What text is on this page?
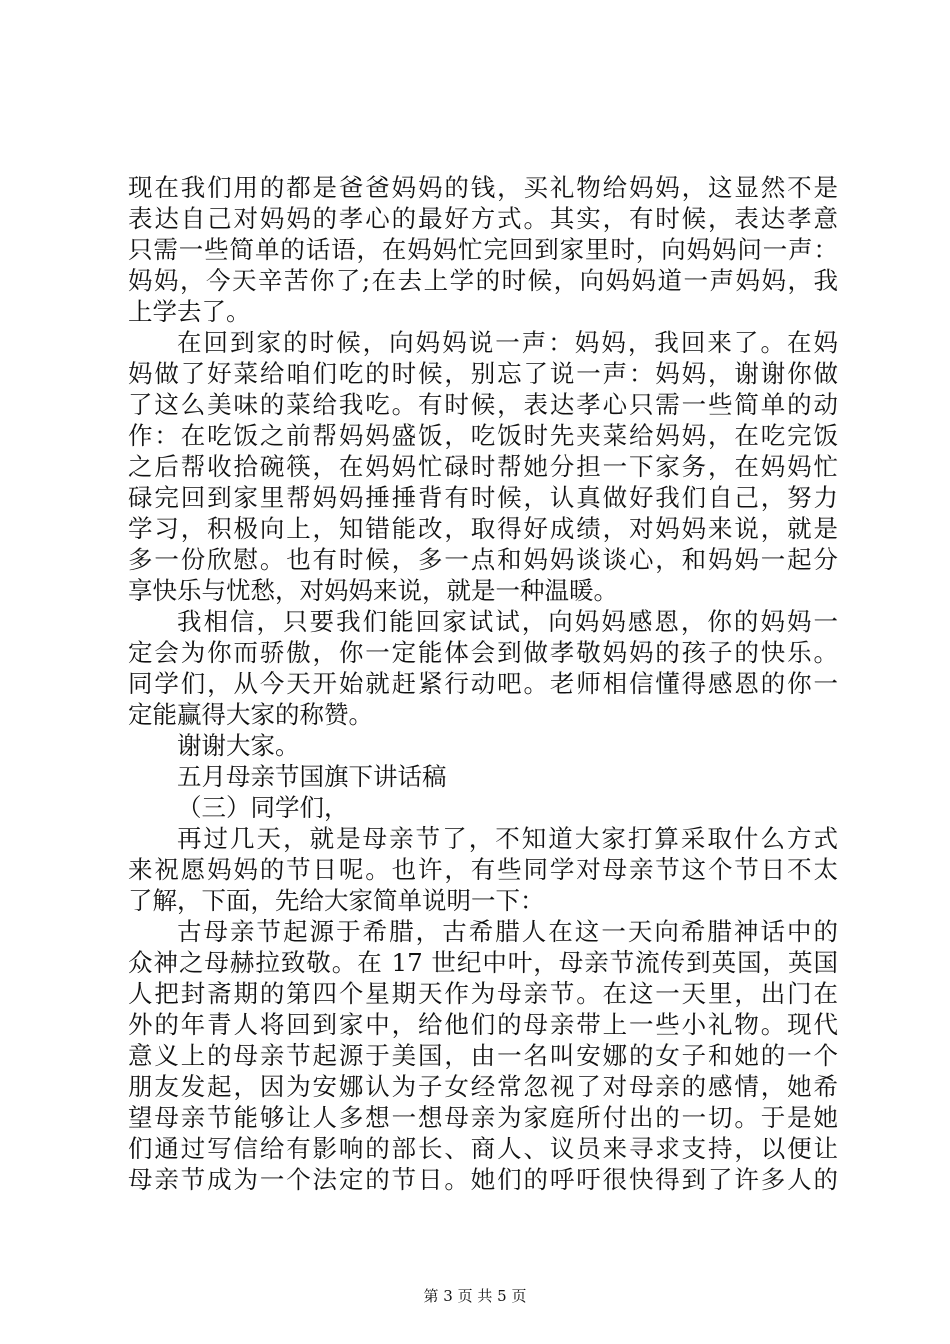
现在我们用的都是爸爸妈妈的钱，买礼物给妈妈，这显然不是
表达自己对妈妈的孝心的最好方式。其实，有时候，表达孝意
只需一些简单的话语，在妈妈忙完回到家里时，向妈妈问一声：
妈妈，今天辛苦你了;在去上学的时候，向妈妈道一声妈妈，我
上学去了。
在回到家的时候，向妈妈说一声：妈妈，我回来了。在妈
妈做了好菜给咱们吃的时候，别忘了说一声：妈妈，谢谢你做
了这么美味的菜给我吃。有时候，表达孝心只需一些简单的动
作：在吃饭之前帮妈妈盛饭，吃饭时先夹菜给妈妈，在吃完饭
之后帮收拾碗筷，在妈妈忙碌时帮她分担一下家务，在妈妈忙
碌完回到家里帮妈妈捶捶背有时候，认真做好我们自己，努力
学习，积极向上，知错能改，取得好成绩，对妈妈来说，就是
多一份欣慰。也有时候，多一点和妈妈谈谈心，和妈妈一起分
享快乐与忧愁，对妈妈来说，就是一种温暖。
我相信，只要我们能回家试试，向妈妈感恩，你的妈妈一
定会为你而骄傲，你一定能体会到做孝敬妈妈的孩子的快乐。
同学们，从今天开始就赶紧行动吧。老师相信懂得感恩的你一
定能赢得大家的称赞。
谢谢大家。
五月母亲节国旗下讲话稿
（三）同学们，
再过几天，就是母亲节了，不知道大家打算采取什么方式
来祝愿妈妈的节日呢。也许，有些同学对母亲节这个节日不太
了解，下面，先给大家简单说明一下：
古母亲节起源于希腊，古希腊人在这一天向希腊神话中的
众神之母赫拉致敬。在 17 世纪中叶，母亲节流传到英国，英国
人把封斋期的第四个星期天作为母亲节。在这一天里，出门在
外的年青人将回到家中，给他们的母亲带上一些小礼物。现代
意义上的母亲节起源于美国，由一名叫安娜的女子和她的一个
朋友发起，因为安娜认为子女经常忽视了对母亲的感情，她希
望母亲节能够让人多想一想母亲为家庭所付出的一切。于是她
们通过写信给有影响的部长、商人、议员来寻求支持，以便让
母亲节成为一个法定的节日。她们的呼吁很快得到了许多人的
第 3 页 共 5 页
